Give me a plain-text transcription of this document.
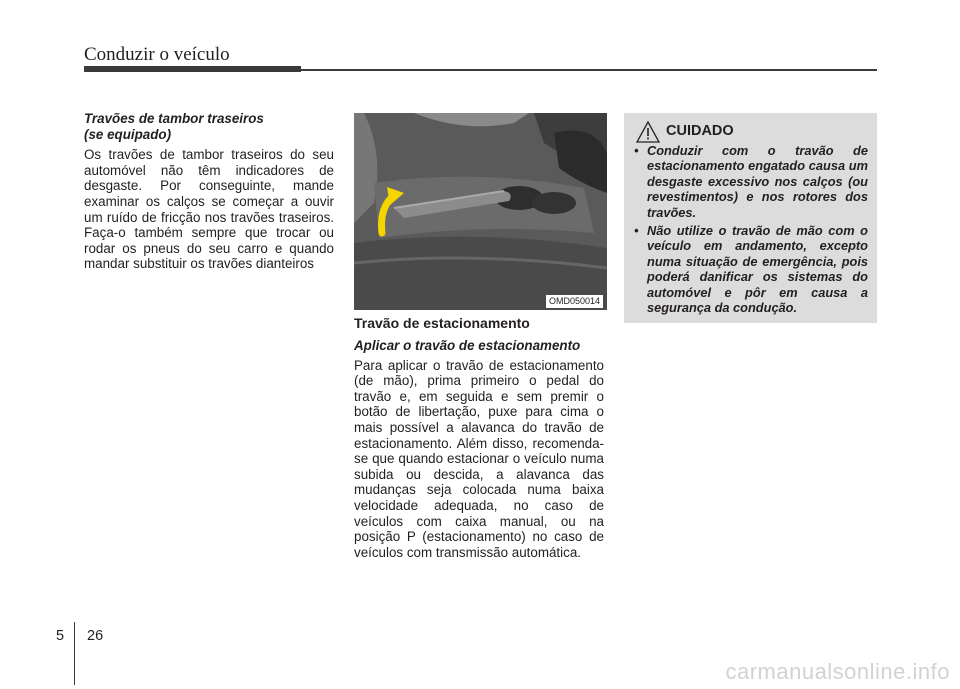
Conduzir o veículo
Travões de tambor traseiros
(se equipado)

Os travões de tambor traseiros do seu automóvel não têm indicadores de desgaste. Por conseguinte, mande examinar os calços se começar a ouvir um ruído de fricção nos travões traseiros. Faça-o também sempre que trocar ou rodar os pneus do seu carro e quando mandar substituir os travões dianteiros

OMD050014
Travão de estacionamento
Aplicar o travão de estacionamento

Para aplicar o travão de estacionamento (de mão), prima primeiro o pedal do travão e, em seguida e sem premir o botão de libertação, puxe para cima o mais possível a alavanca do travão de estacionamento. Além disso, recomenda-se que quando estacionar o veículo numa subida ou descida, a alavanca das mudanças seja colocada numa baixa velocidade adequada, no caso de veículos com caixa manual, ou na posição P (estacionamento) no caso de veículos com transmissão automática.

CUIDADO
• Conduzir com o travão de estacionamento engatado causa um desgaste excessivo nos calços (ou revestimentos) e nos rotores dos travões.
• Não utilize o travão de mão com o veículo em andamento, excepto numa situação de emergência, pois poderá danificar os sistemas do automóvel e pôr em causa a segurança da condução.
5 26
carmanualsonline.info
